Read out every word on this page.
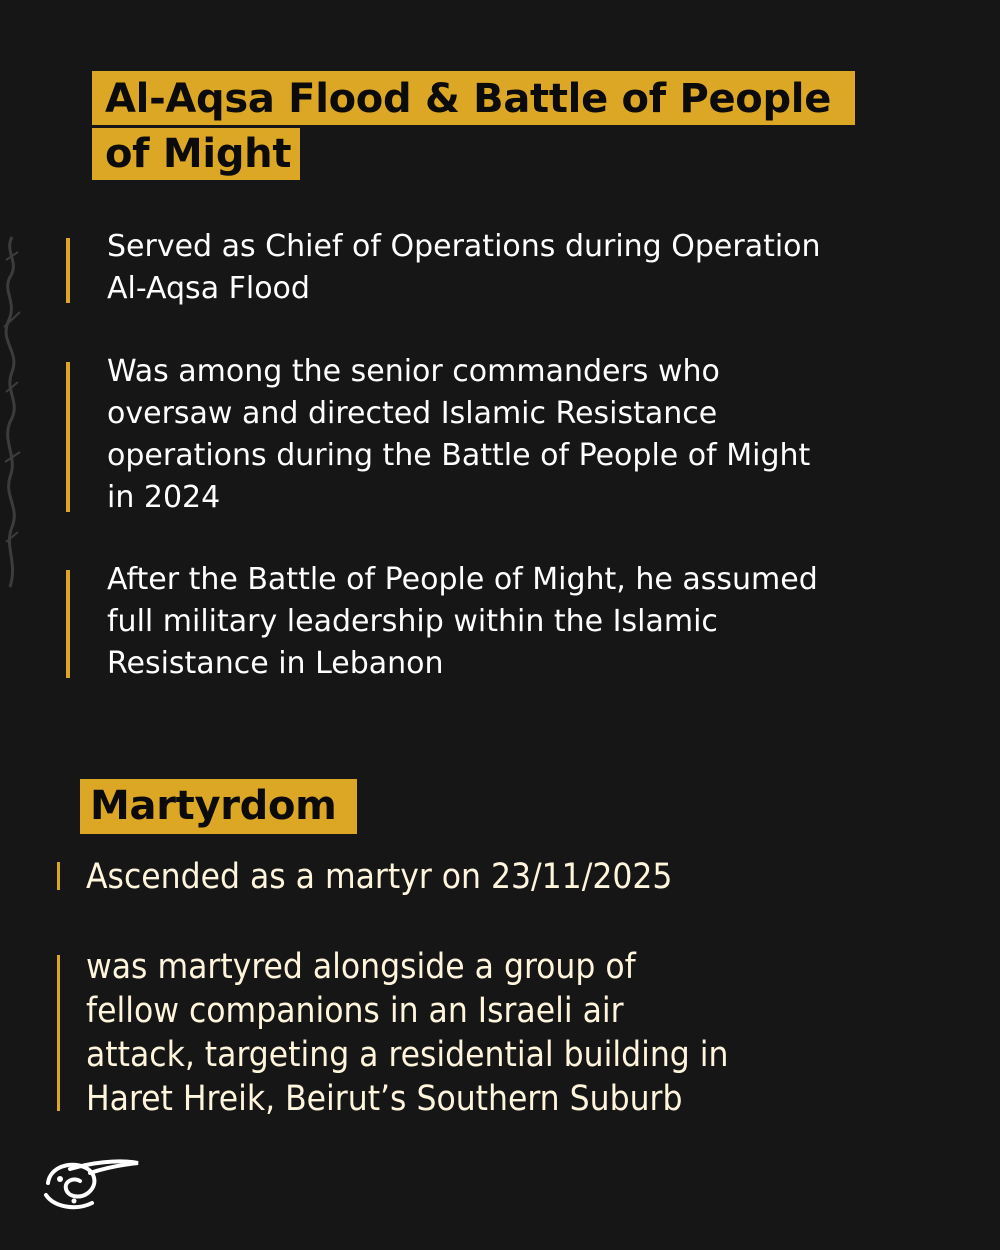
Al-Aqsa Flood & Battle of People
of Might
Served as Chief of Operations during Operation
Al-Aqsa Flood
Was among the senior commanders who
oversaw and directed Islamic Resistance
operations during the Battle of People of Might
in 2024
After the Battle of People of Might, he assumed
full military leadership within the Islamic
Resistance in Lebanon
Martyrdom
Ascended as a martyr on 23/11/2025
was martyred alongside a group of
fellow companions in an Israeli air
attack, targeting a residential building in
Haret Hreik, Beirut’s Southern Suburb
